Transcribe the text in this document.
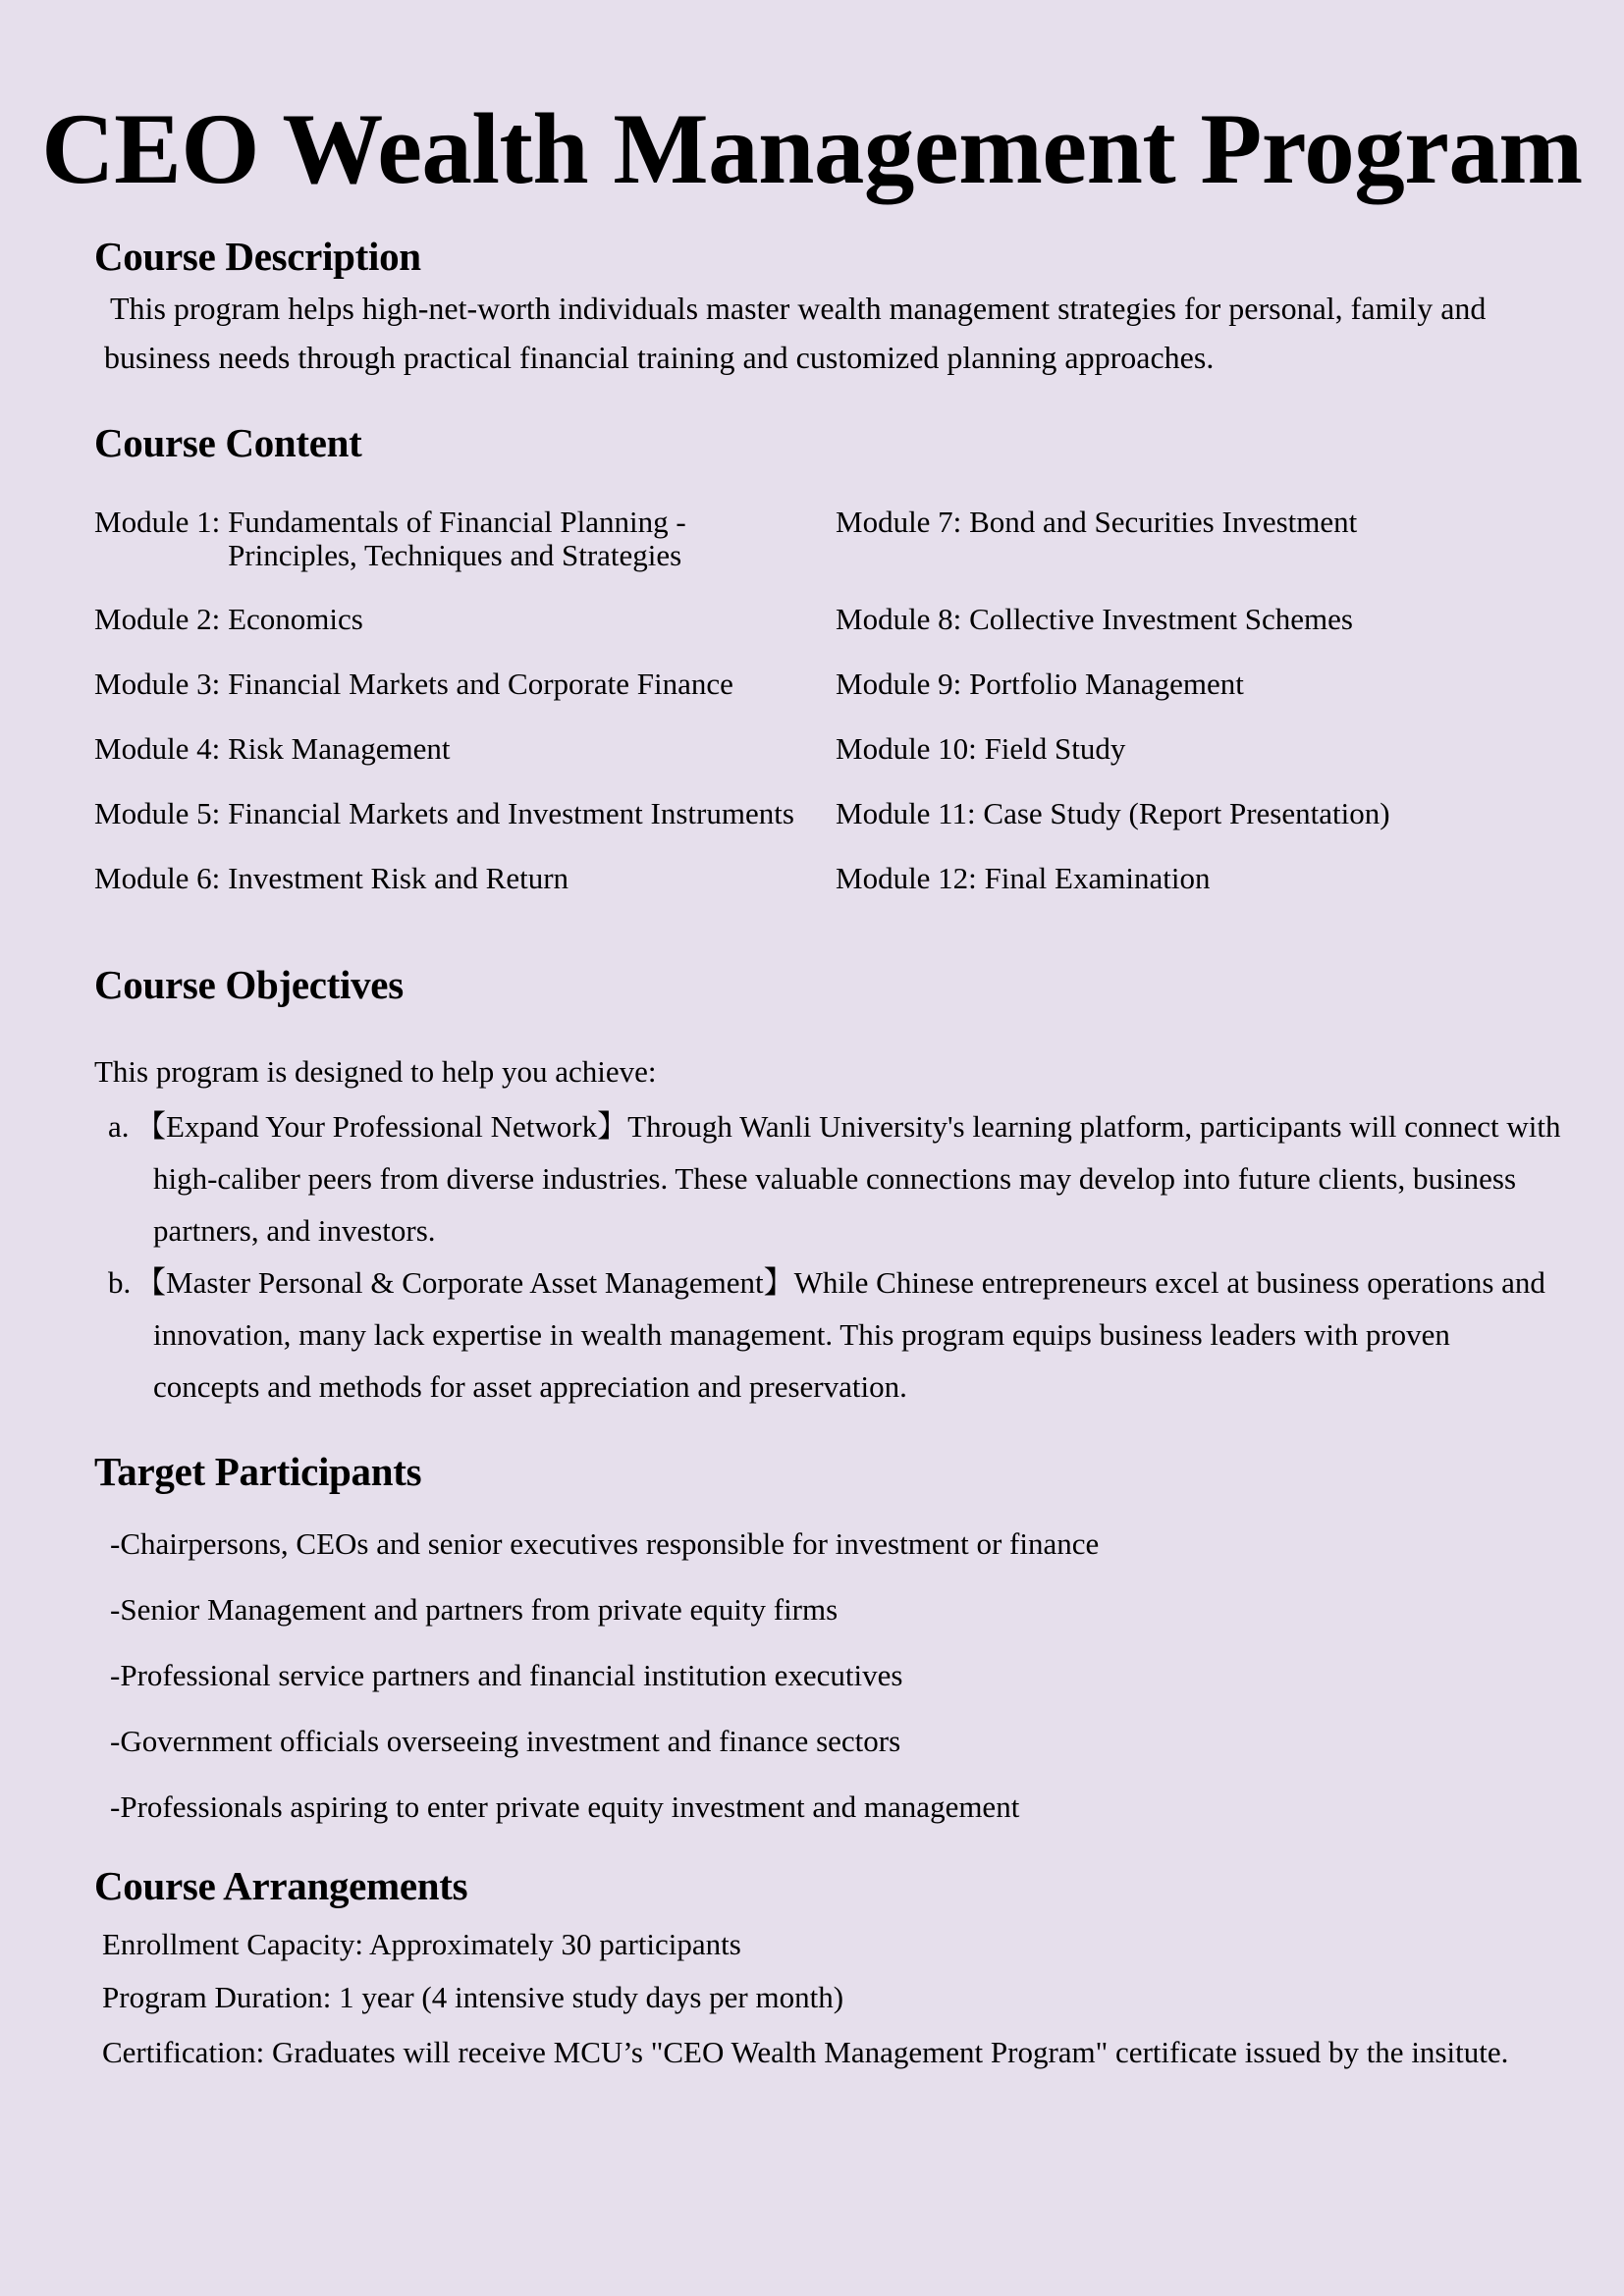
CEO Wealth Management Program
Course Description
This program helps high-net-worth individuals master wealth management strategies for personal, family and
business needs through practical financial training and customized planning approaches.
Course Content
Module 1:
Fundamentals of Financial Planning -
Principles, Techniques and Strategies
Module 2:
Economics
Module 3:
Financial Markets and Corporate Finance
Module 4:
Risk Management
Module 5:
Financial Markets and Investment Instruments
Module 6:
Investment Risk and Return
Module 7:
Bond and Securities Investment
Module 8:
Collective Investment Schemes
Module 9:
Portfolio Management
Module 10:
Field Study
Module 11:
Case Study (Report Presentation)
Module 12:
Final Examination
Course Objectives
This program is designed to help you achieve:
a. 【Expand Your Professional Network】Through Wanli University's learning platform, participants will connect with
high-caliber peers from diverse industries. These valuable connections may develop into future clients, business
partners, and investors.
b. 【Master Personal & Corporate Asset Management】While Chinese entrepreneurs excel at business operations and
innovation, many lack expertise in wealth management. This program equips business leaders with proven
concepts and methods for asset appreciation and preservation.
Target Participants
-Chairpersons, CEOs and senior executives responsible for investment or finance
-Senior Management and partners from private equity firms
-Professional service partners and financial institution executives
-Government officials overseeing investment and finance sectors
-Professionals aspiring to enter private equity investment and management
Course Arrangements
Enrollment Capacity: Approximately 30 participants
Program Duration: 1 year (4 intensive study days per month)
Certification: Graduates will receive MCU’s "CEO Wealth Management Program" certificate issued by the insitute.
